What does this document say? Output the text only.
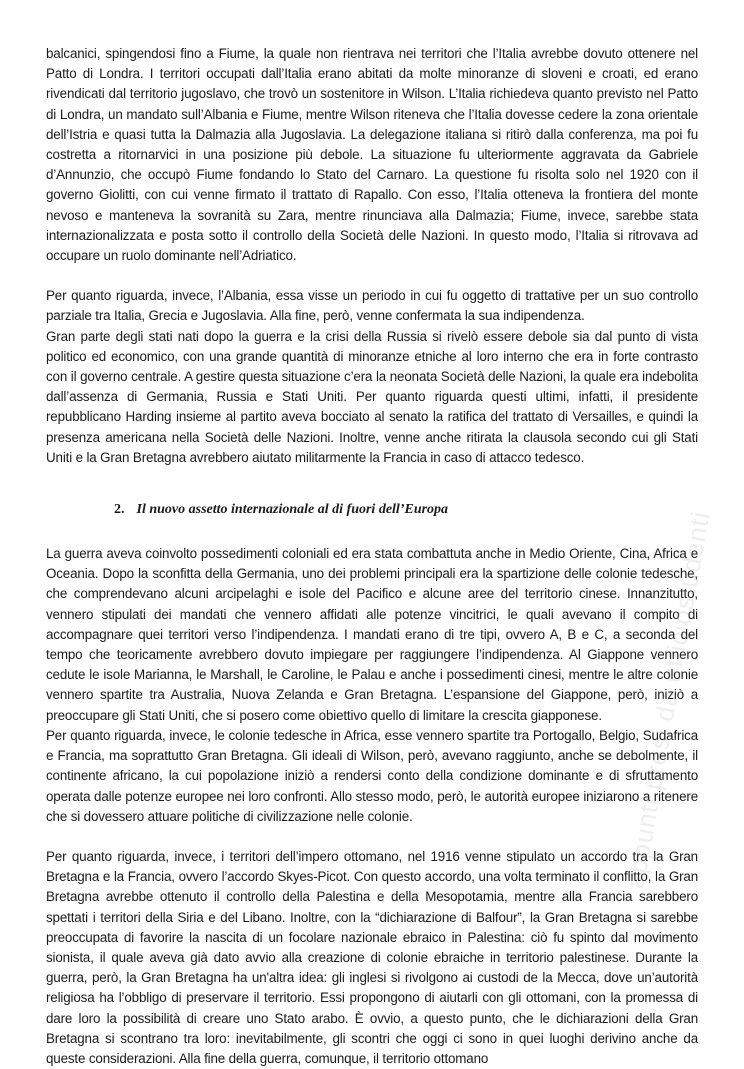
balcanici, spingendosi fino a Fiume, la quale non rientrava nei territori che l’Italia avrebbe dovuto ottenere nel Patto di Londra. I territori occupati dall’Italia erano abitati da molte minoranze di sloveni e croati, ed erano rivendicati dal territorio jugoslavo, che trovò un sostenitore in Wilson. L’Italia richiedeva quanto previsto nel Patto di Londra, un mandato sull’Albania e Fiume, mentre Wilson riteneva che l’Italia dovesse cedere la zona orientale dell’Istria e quasi tutta la Dalmazia alla Jugoslavia. La delegazione italiana si ritirò dalla conferenza, ma poi fu costretta a ritornarvici in una posizione più debole. La situazione fu ulteriormente aggravata da Gabriele d’Annunzio, che occupò Fiume fondando lo Stato del Carnaro. La questione fu risolta solo nel 1920 con il governo Giolitti, con cui venne firmato il trattato di Rapallo. Con esso, l’Italia otteneva la frontiera del monte nevoso e manteneva la sovranità su Zara, mentre rinunciava alla Dalmazia; Fiume, invece, sarebbe stata internazionalizzata e posta sotto il controllo della Società delle Nazioni. In questo modo, l’Italia si ritrovava ad occupare un ruolo dominante nell’Adriatico.

Per quanto riguarda, invece, l’Albania, essa visse un periodo in cui fu oggetto di trattative per un suo controllo parziale tra Italia, Grecia e Jugoslavia. Alla fine, però, venne confermata la sua indipendenza.

Gran parte degli stati nati dopo la guerra e la crisi della Russia si rivelò essere debole sia dal punto di vista politico ed economico, con una grande quantità di minoranze etniche al loro interno che era in forte contrasto con il governo centrale. A gestire questa situazione c’era la neonata Società delle Nazioni, la quale era indebolita dall’assenza di Germania, Russia e Stati Uniti. Per quanto riguarda questi ultimi, infatti, il presidente repubblicano Harding insieme al partito aveva bocciato al senato la ratifica del trattato di Versailles, e quindi la presenza americana nella Società delle Nazioni. Inoltre, venne anche ritirata la clausola secondo cui gli Stati Uniti e la Gran Bretagna avrebbero aiutato militarmente la Francia in caso di attacco tedesco.

2. Il nuovo assetto internazionale al di fuori dell’Europa

La guerra aveva coinvolto possedimenti coloniali ed era stata combattuta anche in Medio Oriente, Cina, Africa e Oceania. Dopo la sconfitta della Germania, uno dei problemi principali era la spartizione delle colonie tedesche, che comprendevano alcuni arcipelaghi e isole del Pacifico e alcune aree del territorio cinese. Innanzitutto, vennero stipulati dei mandati che vennero affidati alle potenze vincitrici, le quali avevano il compito di accompagnare quei territori verso l’indipendenza. I mandati erano di tre tipi, ovvero A, B e C, a seconda del tempo che teoricamente avrebbero dovuto impiegare per raggiungere l’indipendenza. Al Giappone vennero cedute le isole Marianna, le Marshall, le Caroline, le Palau e anche i possedimenti cinesi, mentre le altre colonie vennero spartite tra Australia, Nuova Zelanda e Gran Bretagna. L’espansione del Giappone, però, iniziò a preoccupare gli Stati Uniti, che si posero come obiettivo quello di limitare la crescita giapponese.

Per quanto riguarda, invece, le colonie tedesche in Africa, esse vennero spartite tra Portogallo, Belgio, Sudafrica e Francia, ma soprattutto Gran Bretagna. Gli ideali di Wilson, però, avevano raggiunto, anche se debolmente, il continente africano, la cui popolazione iniziò a rendersi conto della condizione dominante e di sfruttamento operata dalle potenze europee nei loro confronti. Allo stesso modo, però, le autorità europee iniziarono a ritenere che si dovessero attuare politiche di civilizzazione nelle colonie.

Per quanto riguarda, invece, i territori dell’impero ottomano, nel 1916 venne stipulato un accordo tra la Gran Bretagna e la Francia, ovvero l’accordo Skyes-Picot. Con questo accordo, una volta terminato il conflitto, la Gran Bretagna avrebbe ottenuto il controllo della Palestina e della Mesopotamia, mentre alla Francia sarebbero spettati i territori della Siria e del Libano. Inoltre, con la “dichiarazione di Balfour”, la Gran Bretagna si sarebbe preoccupata di favorire la nascita di un focolare nazionale ebraico in Palestina: ciò fu spinto dal movimento sionista, il quale aveva già dato avvio alla creazione di colonie ebraiche in territorio palestinese. Durante la guerra, però, la Gran Bretagna ha un'altra idea: gli inglesi si rivolgono ai custodi de la Mecca, dove un’autorità religiosa ha l’obbligo di preservare il territorio. Essi propongono di aiutarli con gli ottomani, con la promessa di dare loro la possibilità di creare uno Stato arabo. È ovvio, a questo punto, che le dichiarazioni della Gran Bretagna si scontrano tra loro: inevitabilmente, gli scontri che oggi ci sono in quei luoghi derivino anche da queste considerazioni. Alla fine della guerra, comunque, il territorio ottomano

appunti presi da ufficiostudenti
